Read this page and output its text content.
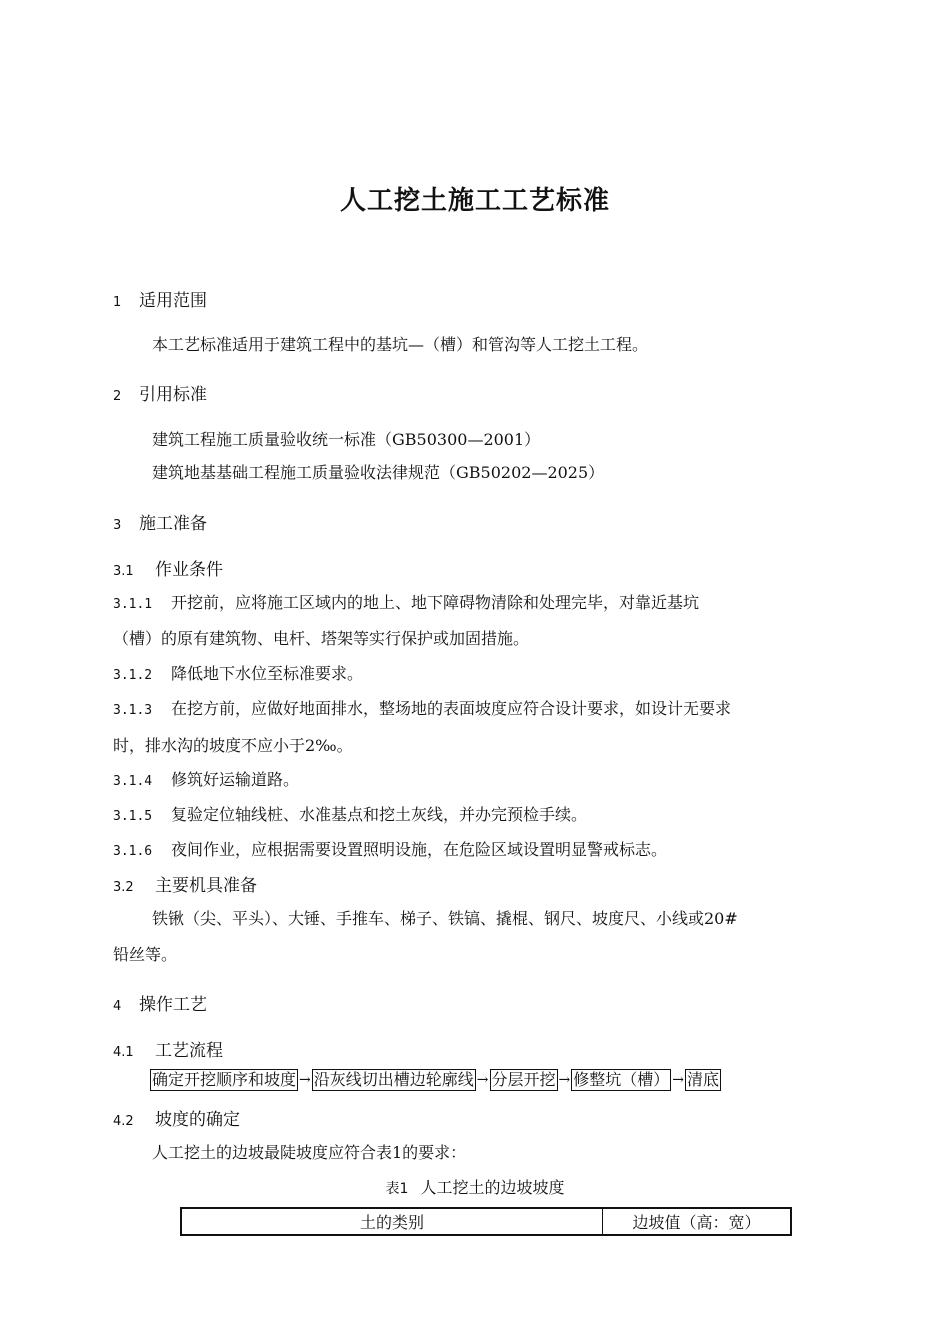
人工挖土施工工艺标准
1 适用范围
本工艺标准适用于建筑工程中的基坑—（槽）和管沟等人工挖土工程。
2 引用标准
建筑工程施工质量验收统一标准（GB50300—2001）
建筑地基基础工程施工质量验收法律规范（GB50202—2025）
3 施工准备
3.1 作业条件
3.1.1 开挖前，应将施工区域内的地上、地下障碍物清除和处理完毕，对靠近基坑
（槽）的原有建筑物、电杆、塔架等实行保护或加固措施。
3.1.2 降低地下水位至标准要求。
3.1.3 在挖方前，应做好地面排水，整场地的表面坡度应符合设计要求，如设计无要求
时，排水沟的坡度不应小于2‰。
3.1.4 修筑好运输道路。
3.1.5 复验定位轴线桩、水准基点和挖土灰线，并办完预检手续。
3.1.6 夜间作业，应根据需要设置照明设施，在危险区域设置明显警戒标志。
3.2 主要机具准备
铁锹（尖、平头）、大锤、手推车、梯子、铁镐、撬棍、钢尺、坡度尺、小线或20#
铅丝等。
4 操作工艺
4.1 工艺流程
确定开挖顺序和坡度 → 沿灰线切出槽边轮廓线 → 分层开挖 → 修整坑（槽） → 清底
4.2 坡度的确定
人工挖土的边坡最陡坡度应符合表1的要求：
表1 人工挖土的边坡坡度
土的类别	边坡值（高：宽）
